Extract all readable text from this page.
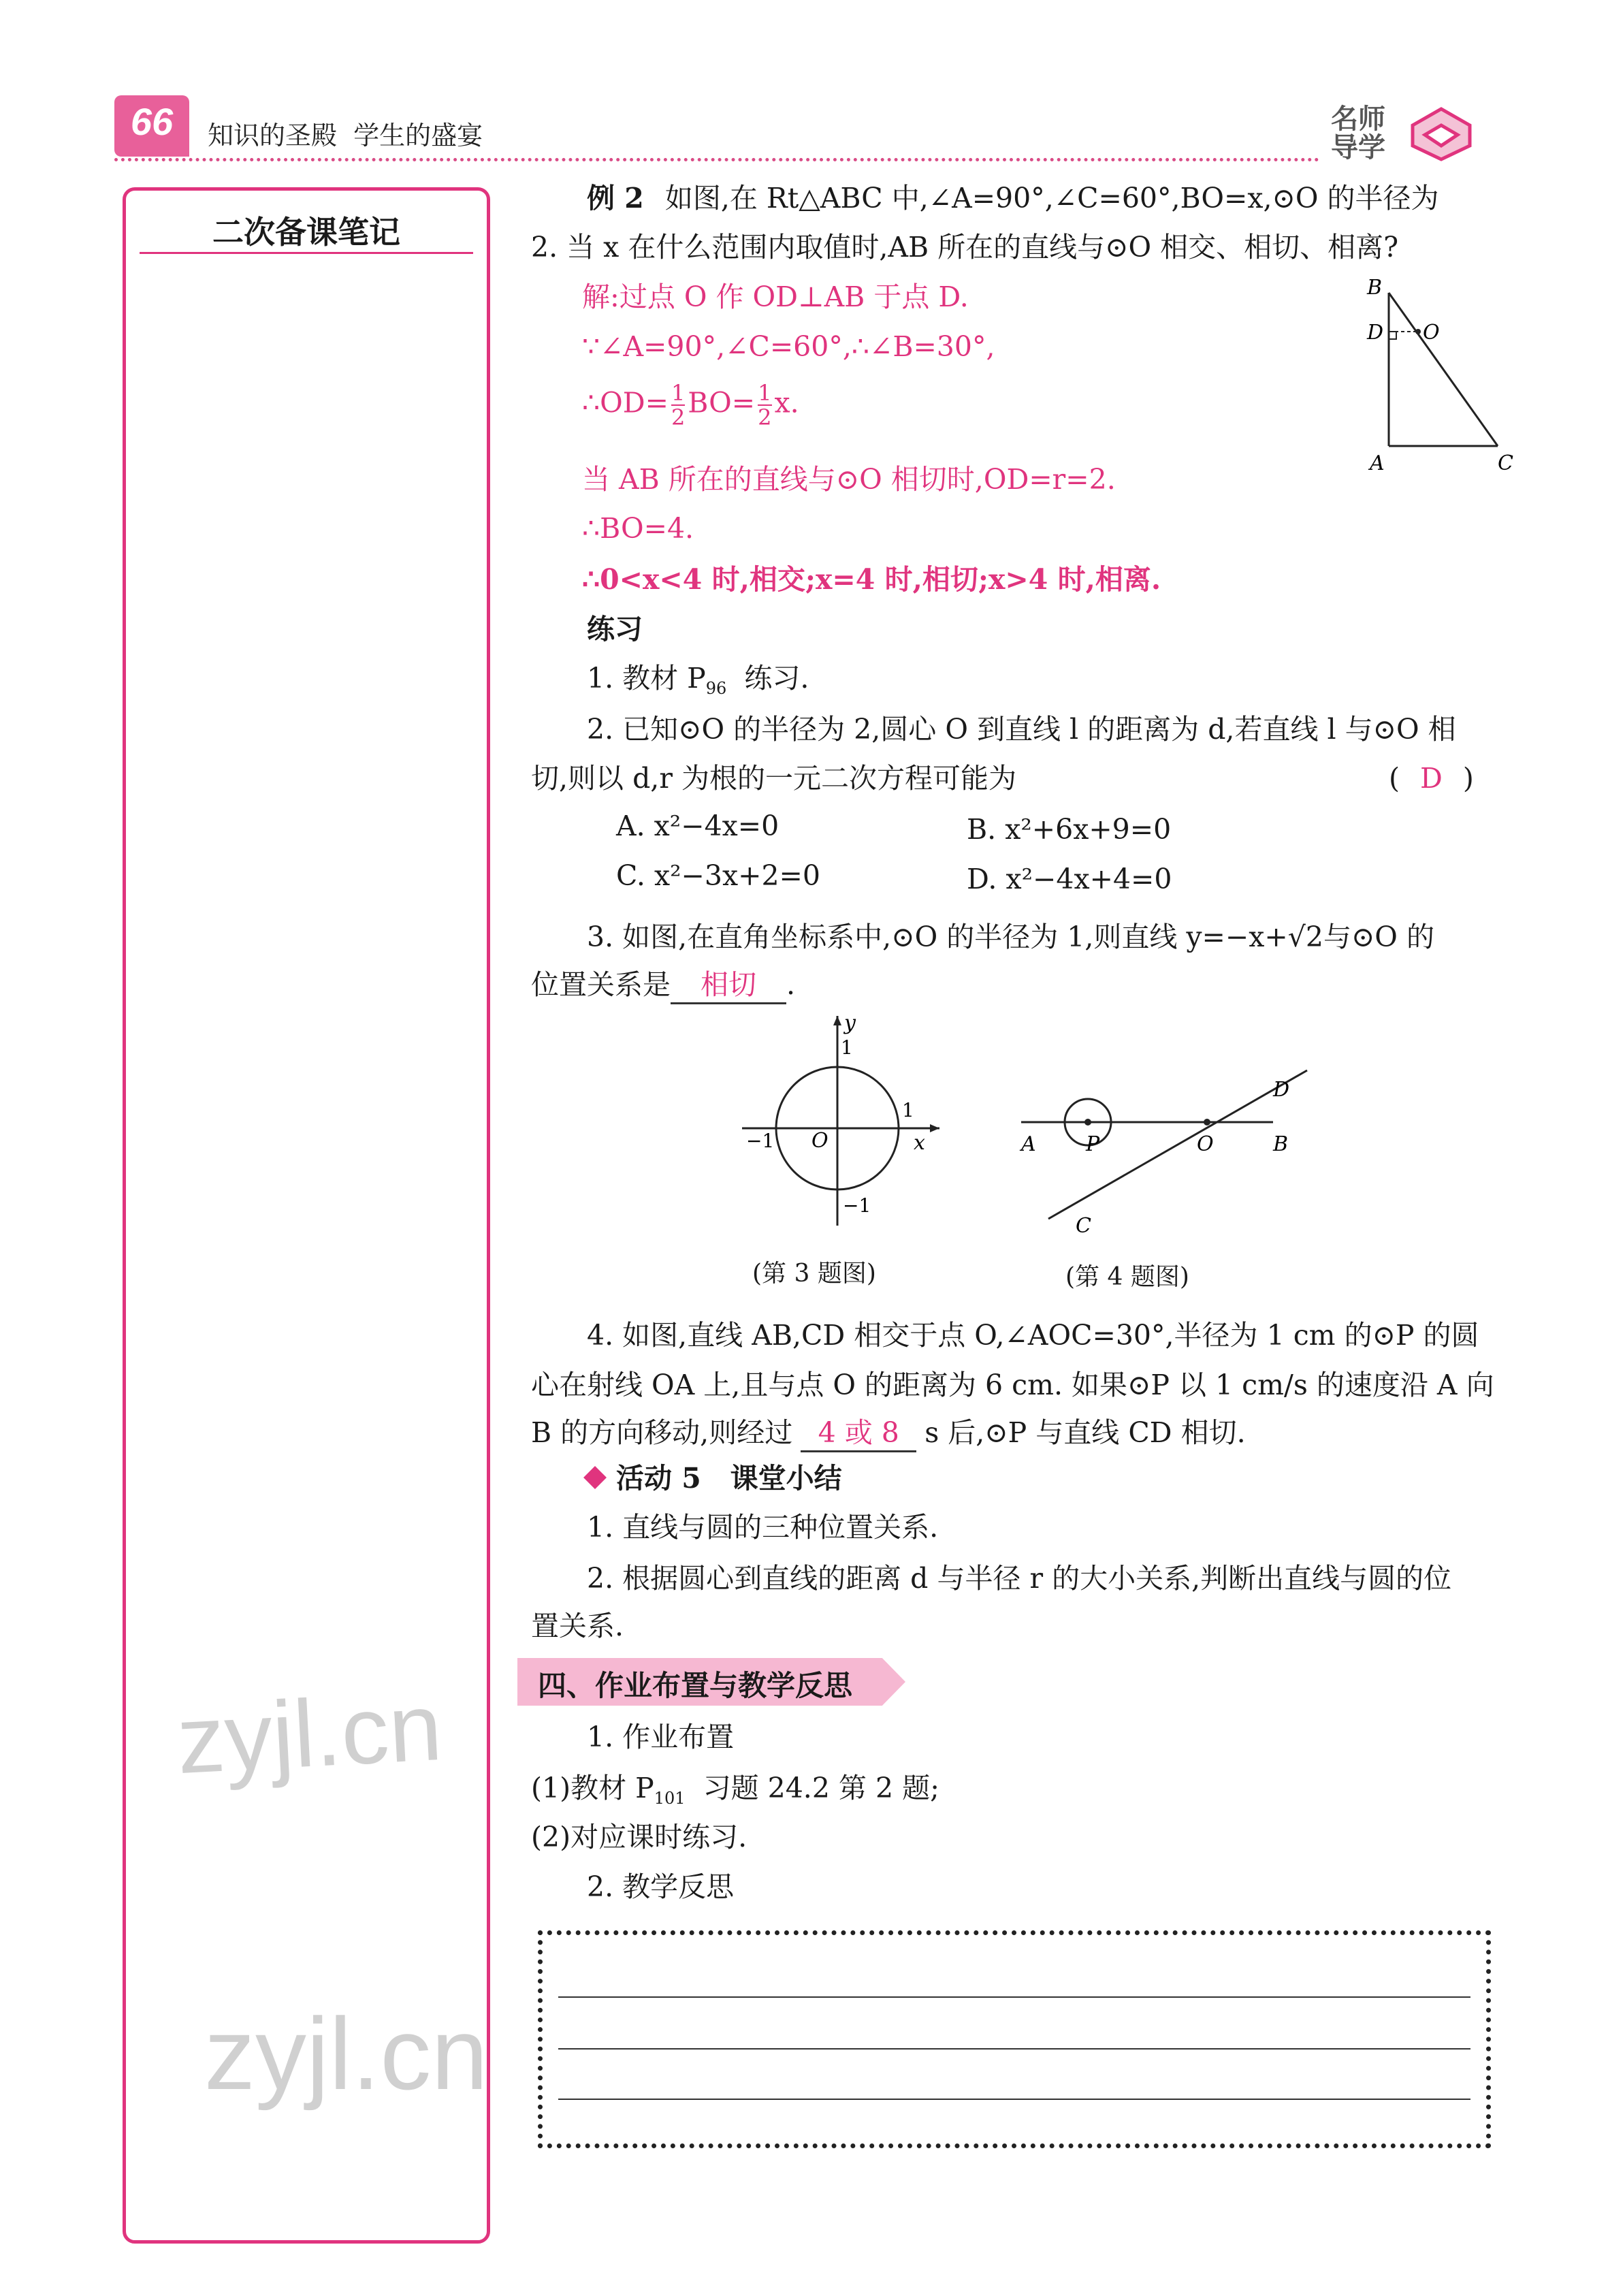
66	知识的圣殿  学生的盛宴
名师导学
二次备课笔记
例 2 如图,在 Rt△ABC 中,∠A=90°,∠C=60°,BO=x,⊙O 的半径为
2. 当 x 在什么范围内取值时,AB 所在的直线与⊙O 相交、相切、相离?
解:过点 O 作 OD⊥AB 于点 D.
∵∠A=90°,∠C=60°,∴∠B=30°,
∴OD= $\frac{1}{2} BO= \frac{1}{2} x$.
当 AB 所在的直线与⊙O 相切时,OD=r=2.
∴BO=4.
∴0<x<4 时,相交;x=4 时,相切;x>4 时,相离.
B
D O
A	C
练习
1. 教材 $P_{96}$  练习.
2. 已知⊙O 的半径为 2,圆心 O 到直线 l 的距离为 d,若直线 l 与⊙O 相
切,则以 d,r 为根的一元二次方程可能为	( D )
A. x²−4x=0	B. x²+6x+9=0
C. x²−3x+2=0	D. x²−4x+4=0
3. 如图,在直角坐标系中,⊙O 的半径为 1,则直线 y=−x+√2与⊙O 的
位置关系是 相切 .
y
1
1
x
O
−1
−1
A P	O	B
D
C
(第 3 题图)	(第 4 题图)
4. 如图,直线 AB,CD 相交于点 O,∠AOC=30°,半径为 1 cm 的⊙P 的圆
心在射线 OA 上,且与点 O 的距离为 6 cm. 如果⊙P 以 1 cm/s 的速度沿 A 向
B 的方向移动,则经过 4 或 8 s 后,⊙P 与直线 CD 相切.
活动 5   课堂小结
1. 直线与圆的三种位置关系.
2. 根据圆心到直线的距离 d 与半径 r 的大小关系,判断出直线与圆的位
置关系.
四、作业布置与教学反思
1. 作业布置
(1)教材 $P_{101}$  习题 24.2 第 2 题;
(2)对应课时练习.
2. 教学反思
zyjl.cn
zyjl.cn
